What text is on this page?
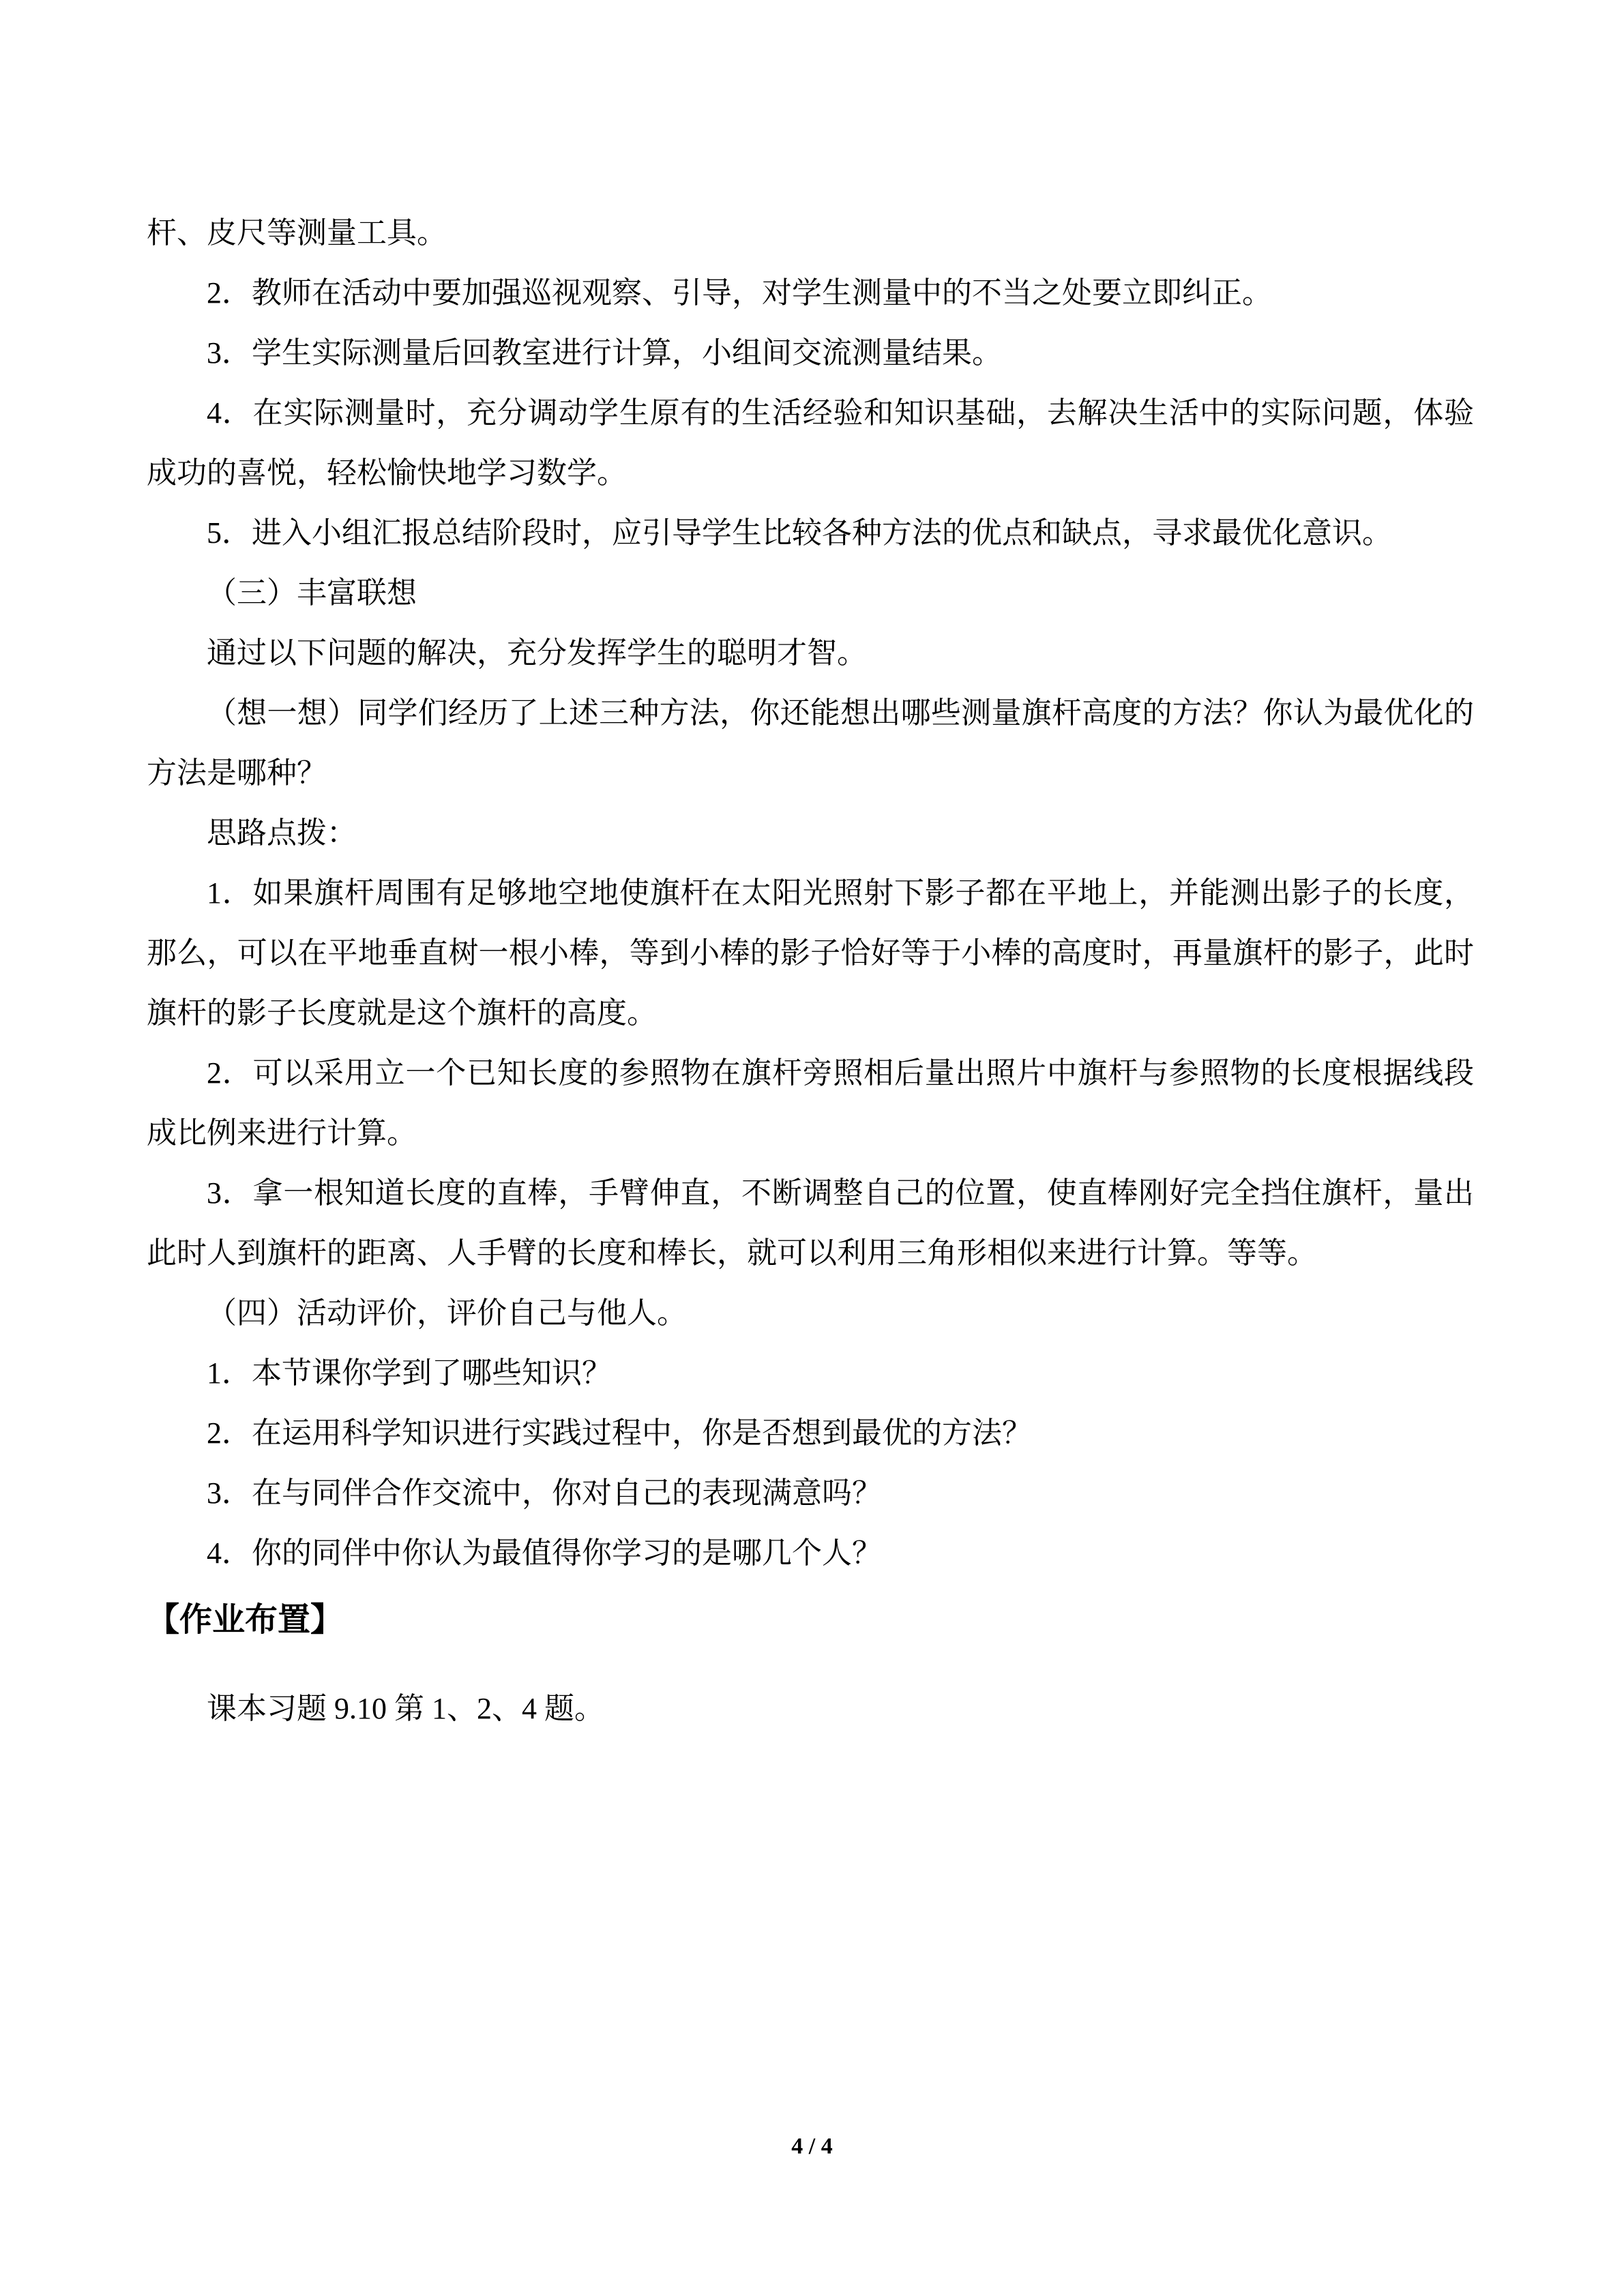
杆、皮尺等测量工具。

2．教师在活动中要加强巡视观察、引导，对学生测量中的不当之处要立即纠正。

3．学生实际测量后回教室进行计算，小组间交流测量结果。

4．在实际测量时，充分调动学生原有的生活经验和知识基础，去解决生活中的实际问题，体验成功的喜悦，轻松愉快地学习数学。

5．进入小组汇报总结阶段时，应引导学生比较各种方法的优点和缺点，寻求最优化意识。

（三）丰富联想

通过以下问题的解决，充分发挥学生的聪明才智。

（想一想）同学们经历了上述三种方法，你还能想出哪些测量旗杆高度的方法？你认为最优化的方法是哪种？

思路点拨：

1．如果旗杆周围有足够地空地使旗杆在太阳光照射下影子都在平地上，并能测出影子的长度，那么，可以在平地垂直树一根小棒，等到小棒的影子恰好等于小棒的高度时，再量旗杆的影子，此时旗杆的影子长度就是这个旗杆的高度。

2．可以采用立一个已知长度的参照物在旗杆旁照相后量出照片中旗杆与参照物的长度根据线段成比例来进行计算。

3．拿一根知道长度的直棒，手臂伸直，不断调整自己的位置，使直棒刚好完全挡住旗杆，量出此时人到旗杆的距离、人手臂的长度和棒长，就可以利用三角形相似来进行计算。等等。

（四）活动评价，评价自己与他人。

1．本节课你学到了哪些知识？

2．在运用科学知识进行实践过程中，你是否想到最优的方法？

3．在与同伴合作交流中，你对自己的表现满意吗？

4．你的同伴中你认为最值得你学习的是哪几个人？

【作业布置】

课本习题 9.10 第 1、2、4 题。

4 / 4
